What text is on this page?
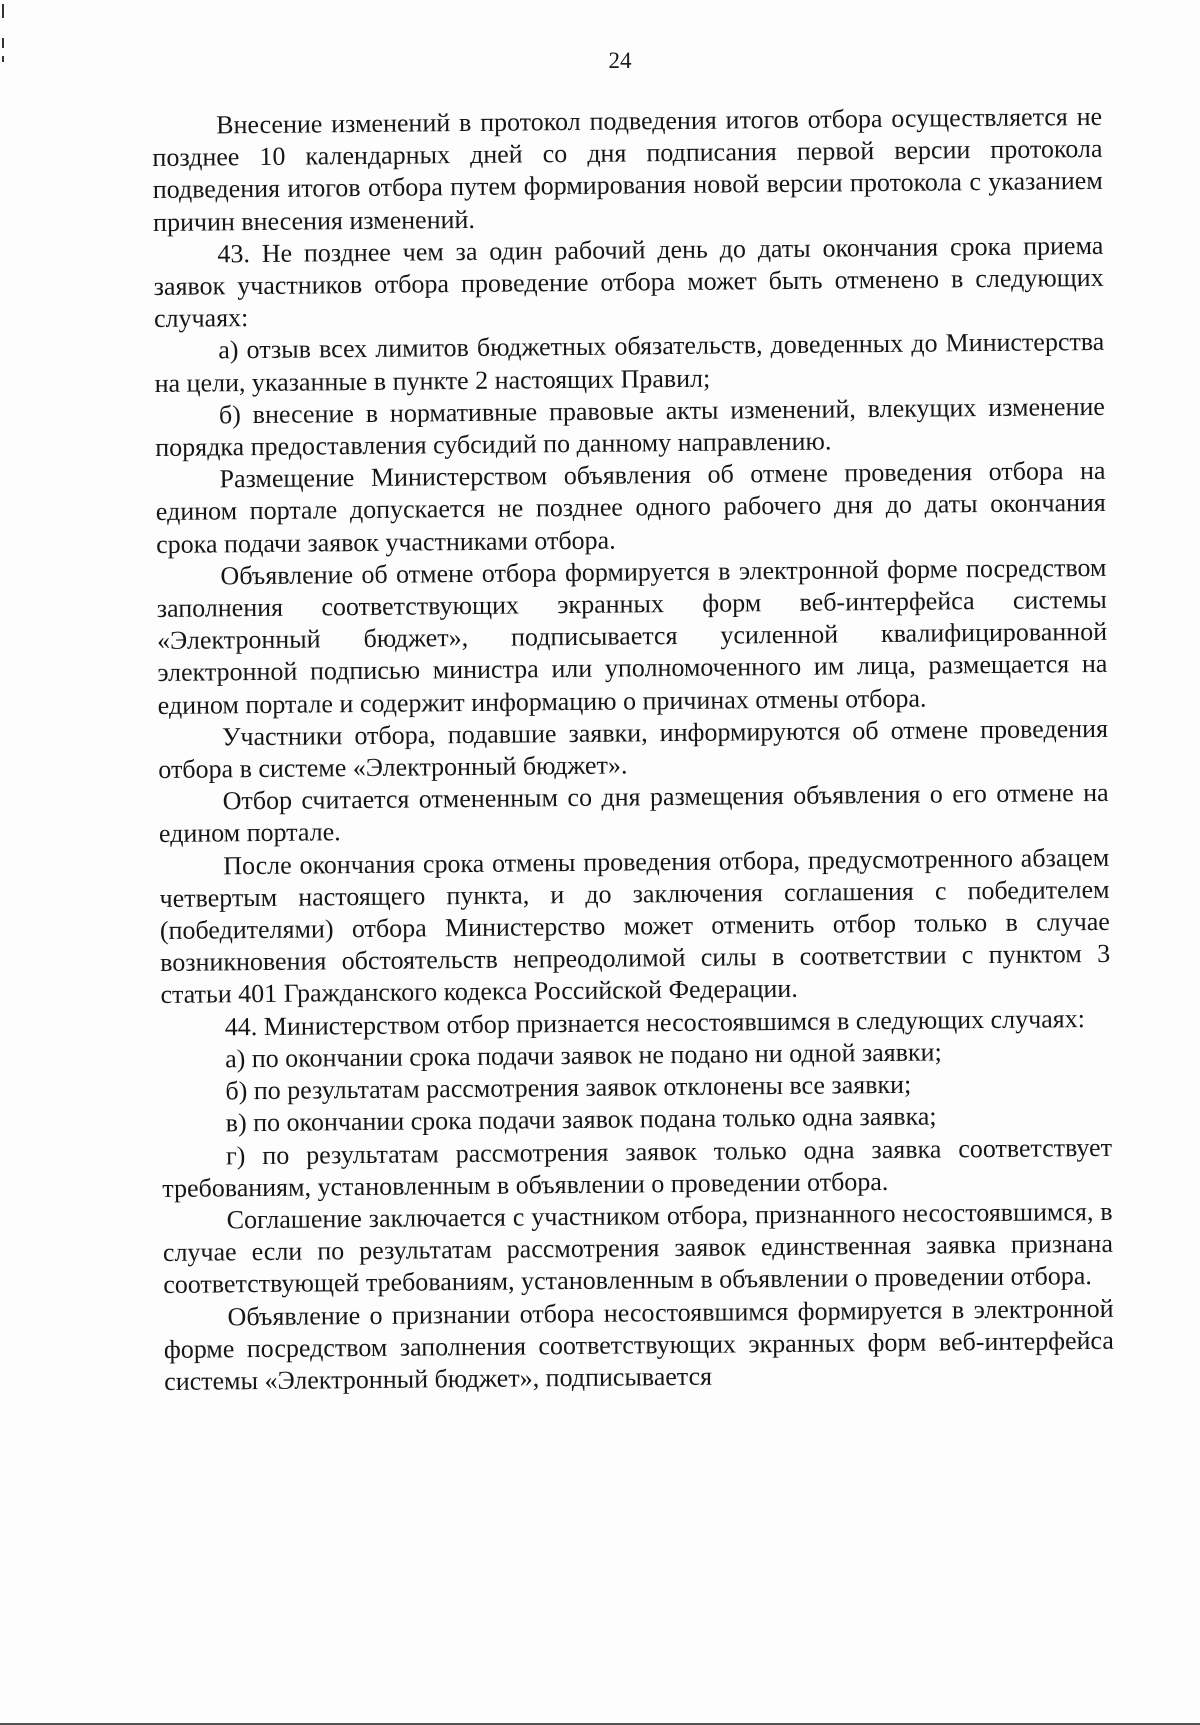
24

Внесение изменений в протокол подведения итогов отбора осуществляется не позднее 10 календарных дней со дня подписания первой версии протокола подведения итогов отбора путем формирования новой версии протокола с указанием причин внесения изменений.

43. Не позднее чем за один рабочий день до даты окончания срока приема заявок участников отбора проведение отбора может быть отменено в следующих случаях:

а) отзыв всех лимитов бюджетных обязательств, доведенных до Министерства на цели, указанные в пункте 2 настоящих Правил;

б) внесение в нормативные правовые акты изменений, влекущих изменение порядка предоставления субсидий по данному направлению.

Размещение Министерством объявления об отмене проведения отбора на едином портале допускается не позднее одного рабочего дня до даты окончания срока подачи заявок участниками отбора.

Объявление об отмене отбора формируется в электронной форме посредством заполнения соответствующих экранных форм веб-интерфейса системы «Электронный бюджет», подписывается усиленной квалифицированной электронной подписью министра или уполномоченного им лица, размещается на едином портале и содержит информацию о причинах отмены отбора.

Участники отбора, подавшие заявки, информируются об отмене проведения отбора в системе «Электронный бюджет».

Отбор считается отмененным со дня размещения объявления о его отмене на едином портале.

После окончания срока отмены проведения отбора, предусмотренного абзацем четвертым настоящего пункта, и до заключения соглашения с победителем (победителями) отбора Министерство может отменить отбор только в случае возникновения обстоятельств непреодолимой силы в соответствии с пунктом 3 статьи 401 Гражданского кодекса Российской Федерации.

44. Министерством отбор признается несостоявшимся в следующих случаях:

а) по окончании срока подачи заявок не подано ни одной заявки;

б) по результатам рассмотрения заявок отклонены все заявки;

в) по окончании срока подачи заявок подана только одна заявка;

г) по результатам рассмотрения заявок только одна заявка соответствует требованиям, установленным в объявлении о проведении отбора.

Соглашение заключается с участником отбора, признанного несостоявшимся, в случае если по результатам рассмотрения заявок единственная заявка признана соответствующей требованиям, установленным в объявлении о проведении отбора.

Объявление о признании отбора несостоявшимся формируется в электронной форме посредством заполнения соответствующих экранных форм веб-интерфейса системы «Электронный бюджет», подписывается
